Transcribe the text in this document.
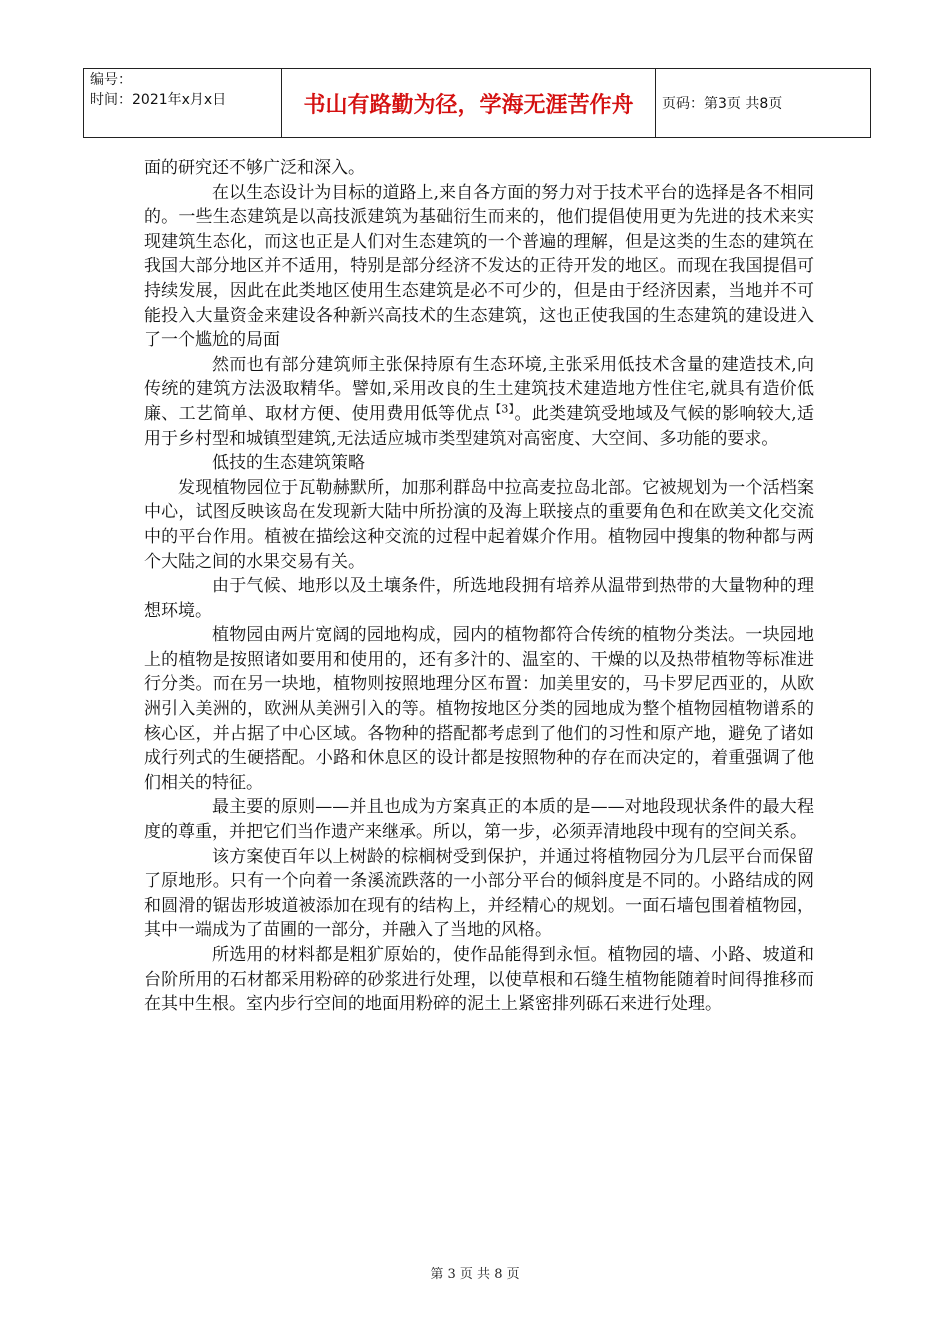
编号：
时间：2021年x月x日	书山有路勤为径，学海无涯苦作舟	页码：第3页 共8页

面的研究还不够广泛和深入。

在以生态设计为目标的道路上,来自各方面的努力对于技术平台的选择是各不相同的。一些生态建筑是以高技派建筑为基础衍生而来的，他们提倡使用更为先进的技术来实现建筑生态化，而这也正是人们对生态建筑的一个普遍的理解，但是这类的生态的建筑在我国大部分地区并不适用，特别是部分经济不发达的正待开发的地区。而现在我国提倡可持续发展，因此在此类地区使用生态建筑是必不可少的，但是由于经济因素，当地并不可能投入大量资金来建设各种新兴高技术的生态建筑，这也正使我国的生态建筑的建设进入了一个尴尬的局面

然而也有部分建筑师主张保持原有生态环境,主张采用低技术含量的建造技术,向传统的建筑方法汲取精华。譬如,采用改良的生土建筑技术建造地方性住宅,就具有造价低廉、工艺简单、取材方便、使用费用低等优点$^{【3】}$。此类建筑受地域及气候的影响较大,适用于乡村型和城镇型建筑,无法适应城市类型建筑对高密度、大空间、多功能的要求。

低技的生态建筑策略

发现植物园位于瓦勒赫默所，加那利群岛中拉高麦拉岛北部。它被规划为一个活档案中心，试图反映该岛在发现新大陆中所扮演的及海上联接点的重要角色和在欧美文化交流中的平台作用。植被在描绘这种交流的过程中起着媒介作用。植物园中搜集的物种都与两个大陆之间的水果交易有关。

由于气候、地形以及土壤条件，所选地段拥有培养从温带到热带的大量物种的理想环境。

植物园由两片宽阔的园地构成，园内的植物都符合传统的植物分类法。一块园地上的植物是按照诸如要用和使用的，还有多汁的、温室的、干燥的以及热带植物等标准进行分类。而在另一块地，植物则按照地理分区布置：加美里安的，马卡罗尼西亚的，从欧洲引入美洲的，欧洲从美洲引入的等。植物按地区分类的园地成为整个植物园植物谱系的核心区，并占据了中心区域。各物种的搭配都考虑到了他们的习性和原产地，避免了诸如成行列式的生硬搭配。小路和休息区的设计都是按照物种的存在而决定的，着重强调了他们相关的特征。

最主要的原则——并且也成为方案真正的本质的是——对地段现状条件的最大程度的尊重，并把它们当作遗产来继承。所以，第一步，必须弄清地段中现有的空间关系。

该方案使百年以上树龄的棕榈树受到保护，并通过将植物园分为几层平台而保留了原地形。只有一个向着一条溪流跌落的一小部分平台的倾斜度是不同的。小路结成的网和圆滑的锯齿形坡道被添加在现有的结构上，并经精心的规划。一面石墙包围着植物园，其中一端成为了苗圃的一部分，并融入了当地的风格。

所选用的材料都是粗犷原始的，使作品能得到永恒。植物园的墙、小路、坡道和台阶所用的石材都采用粉碎的砂浆进行处理，以使草根和石缝生植物能随着时间得推移而在其中生根。室内步行空间的地面用粉碎的泥土上紧密排列砾石来进行处理。

第 3 页 共 8 页
